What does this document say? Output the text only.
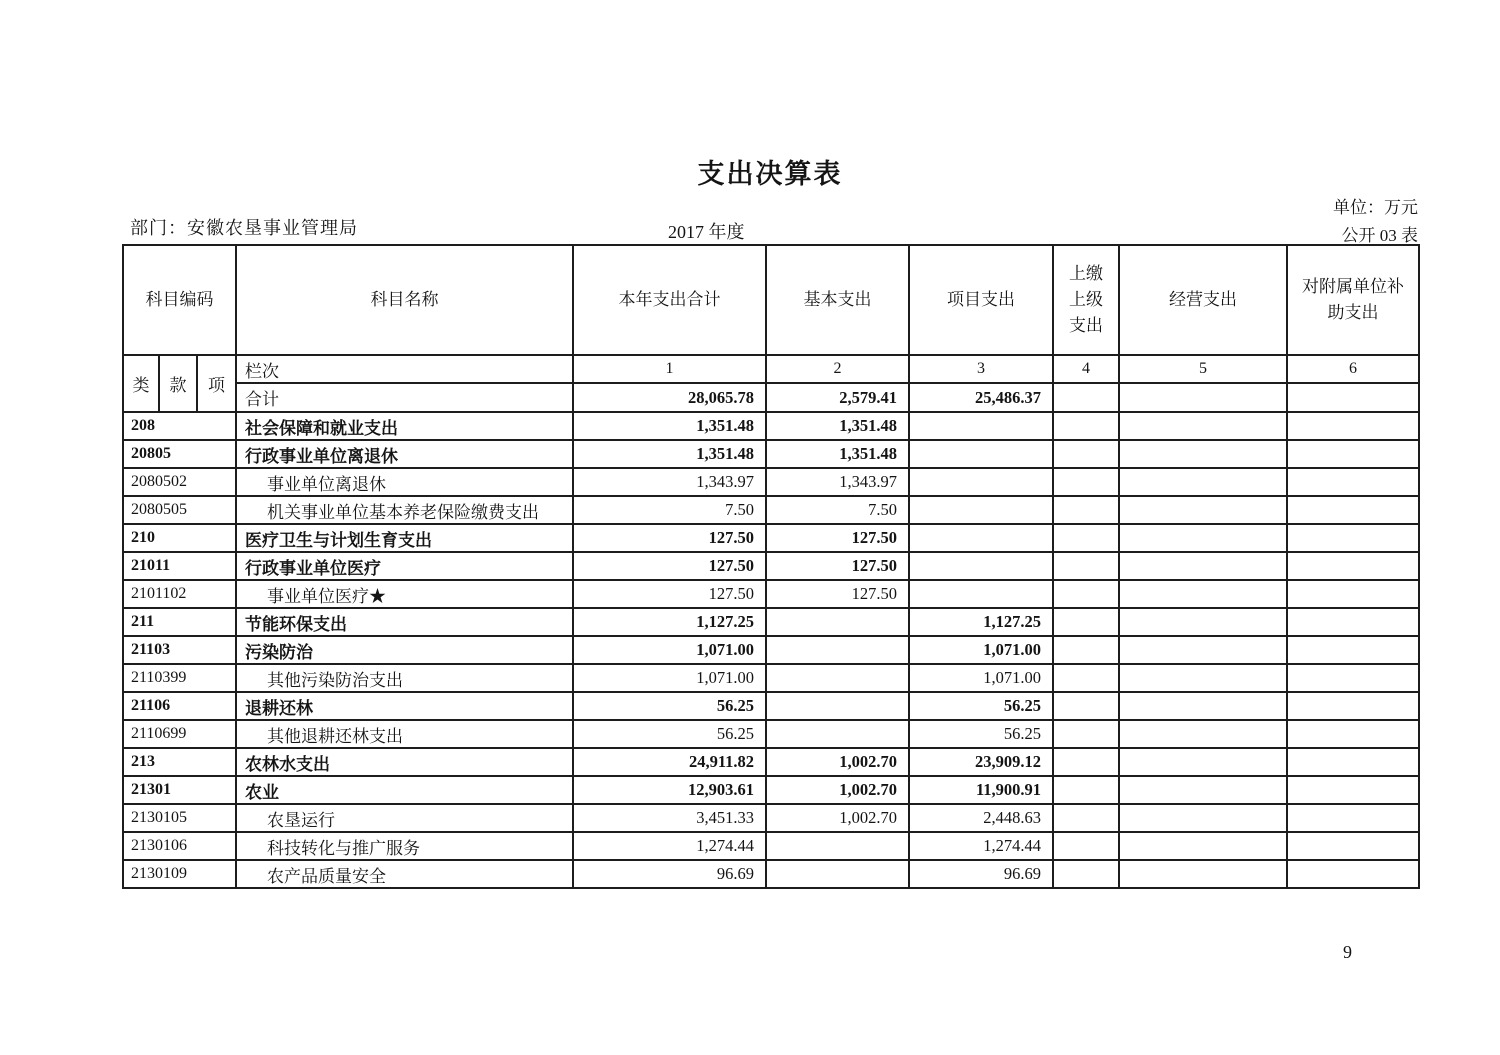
支出决算表
部门：安徽农垦事业管理局	2017 年度
单位：万元
公开 03 表
科目编码			科目名称	本年支出合计	基本支出	项目支出	上缴上级支出	经营支出	对附属单位补助支出
类	款	项	栏次	1	2	3	4	5	6
			合计	28,065.78	2,579.41	25,486.37			
208			社会保障和就业支出	1,351.48	1,351.48				
20805			行政事业单位离退休	1,351.48	1,351.48				
2080502			事业单位离退休	1,343.97	1,343.97				
2080505			机关事业单位基本养老保险缴费支出	7.50	7.50				
210			医疗卫生与计划生育支出	127.50	127.50				
21011			行政事业单位医疗	127.50	127.50				
2101102			事业单位医疗★	127.50	127.50				
211			节能环保支出	1,127.25		1,127.25			
21103			污染防治	1,071.00		1,071.00			
2110399			其他污染防治支出	1,071.00		1,071.00			
21106			退耕还林	56.25		56.25			
2110699			其他退耕还林支出	56.25		56.25			
213			农林水支出	24,911.82	1,002.70	23,909.12			
21301			农业	12,903.61	1,002.70	11,900.91			
2130105			农垦运行	3,451.33	1,002.70	2,448.63			
2130106			科技转化与推广服务	1,274.44		1,274.44			
2130109			农产品质量安全	96.69		96.69			
9
